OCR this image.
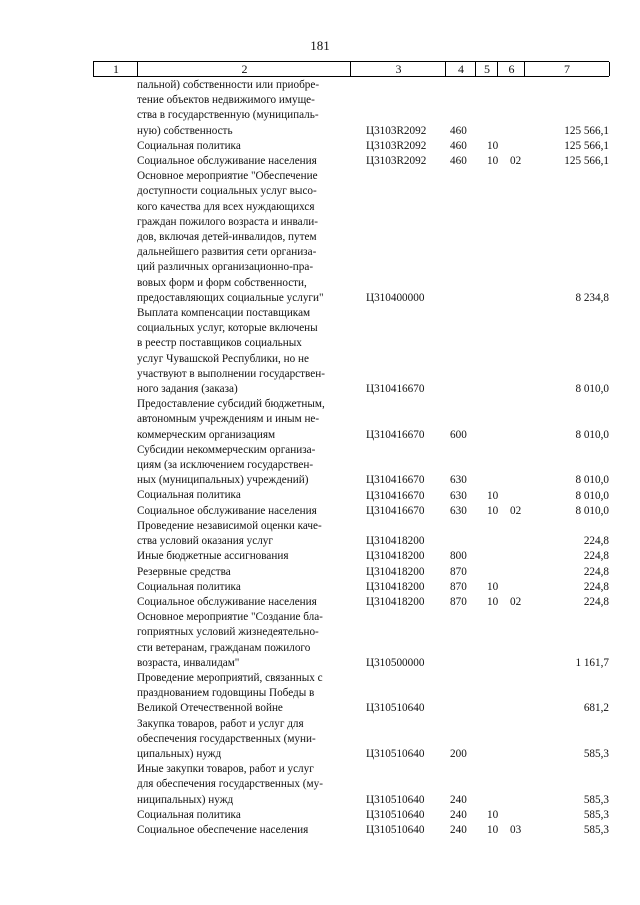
181
1	2	3	4	5	6	7
пальной) собственности или приобре-
тение объектов недвижимого имуще-
ства в государственную (муниципаль-
ную) собственность	Ц3103R2092 460	125 566,1
Социальная политика	Ц3103R2092 460 10	125 566,1
Социальное обслуживание населения	Ц3103R2092 460 10 02	125 566,1
Основное мероприятие "Обеспечение
доступности социальных услуг высо-
кого качества для всех нуждающихся
граждан пожилого возраста и инвали-
дов, включая детей-инвалидов, путем
дальнейшего развития сети организа-
ций различных организационно-пра-
вовых форм и форм собственности,
предоставляющих социальные услуги"	Ц310400000	8 234,8
Выплата компенсации поставщикам
социальных услуг, которые включены
в реестр поставщиков социальных
услуг Чувашской Республики, но не
участвуют в выполнении государствен-
ного задания (заказа)	Ц310416670	8 010,0
Предоставление субсидий бюджетным,
автономным учреждениям и иным не-
коммерческим организациям	Ц310416670 600	8 010,0
Субсидии некоммерческим организа-
циям (за исключением государствен-
ных (муниципальных) учреждений)	Ц310416670 630	8 010,0
Социальная политика	Ц310416670 630 10	8 010,0
Социальное обслуживание населения	Ц310416670 630 10 02	8 010,0
Проведение независимой оценки каче-
ства условий оказания услуг	Ц310418200	224,8
Иные бюджетные ассигнования	Ц310418200 800	224,8
Резервные средства	Ц310418200 870	224,8
Социальная политика	Ц310418200 870 10	224,8
Социальное обслуживание населения	Ц310418200 870 10 02	224,8
Основное мероприятие "Создание бла-
гоприятных условий жизнедеятельно-
сти ветеранам, гражданам пожилого
возраста, инвалидам"	Ц310500000	1 161,7
Проведение мероприятий, связанных с
празднованием годовщины Победы в
Великой Отечественной войне	Ц310510640	681,2
Закупка товаров, работ и услуг для
обеспечения государственных (муни-
ципальных) нужд	Ц310510640 200	585,3
Иные закупки товаров, работ и услуг
для обеспечения государственных (му-
ниципальных) нужд	Ц310510640 240	585,3
Социальная политика	Ц310510640 240 10	585,3
Социальное обеспечение населения	Ц310510640 240 10 03	585,3
